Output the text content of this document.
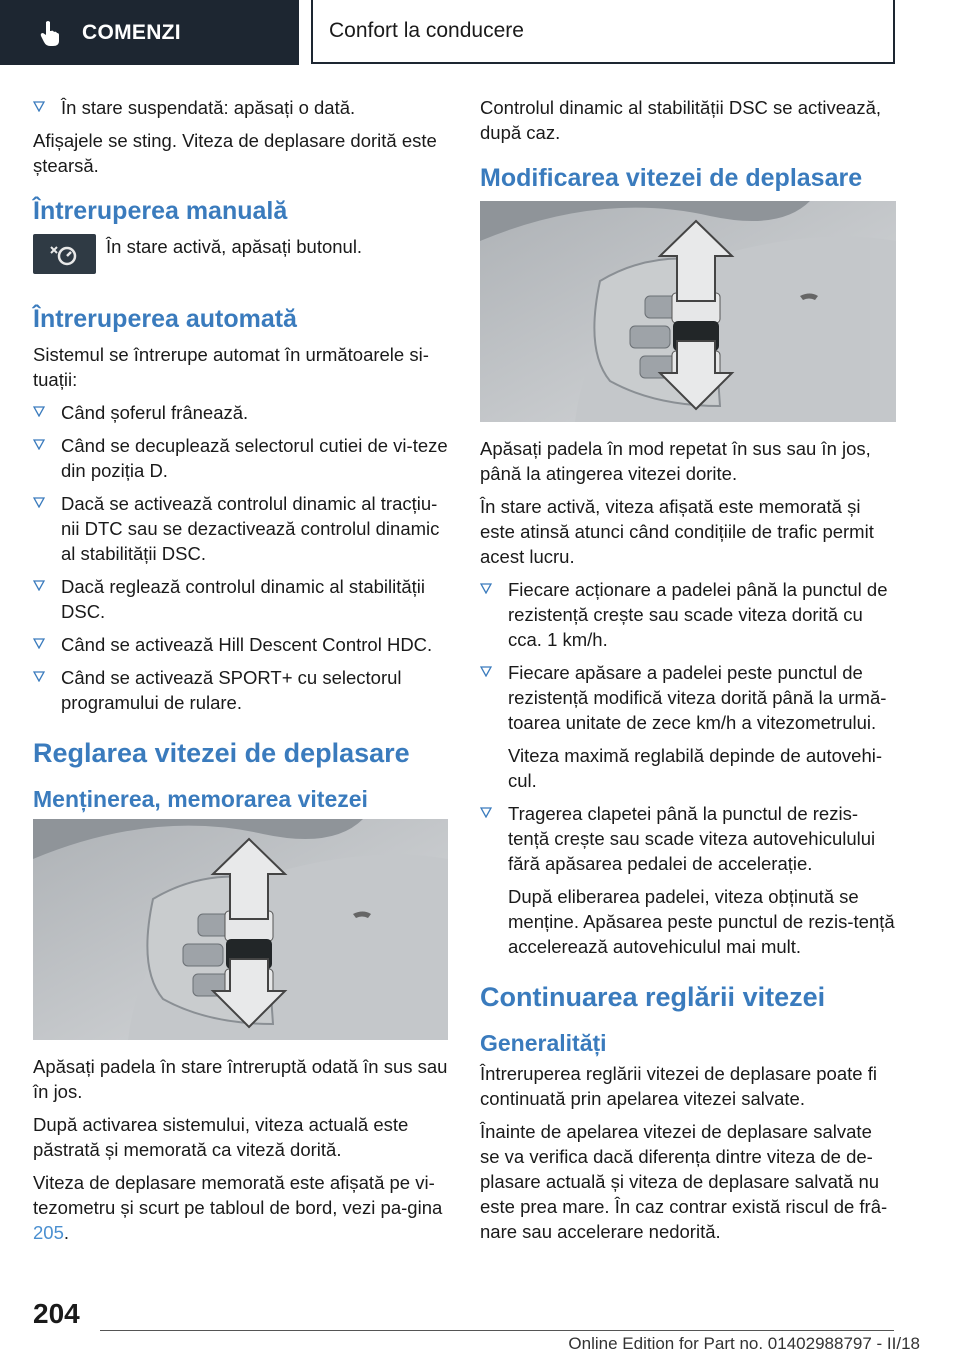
COMENZI	Confort la conducere
În stare suspendată: apăsați o dată.

Afișajele se sting. Viteza de deplasare dorită este ștearsă.

Întreruperea manuală
În stare activă, apăsați butonul.
Întreruperea automată

Sistemul se întrerupe automat în următoarele si-tuații:

Când șoferul frânează.
Când se decuplează selectorul cutiei de vi-teze din poziția D.
Dacă se activează controlul dinamic al tracțiu-nii DTC sau se dezactivează controlul dinamic al stabilității DSC.
Dacă reglează controlul dinamic al stabilității DSC.
Când se activează Hill Descent Control HDC.
Când se activează SPORT+ cu selectorul programului de rulare.
Reglarea vitezei de deplasare
Menținerea, memorarea vitezei

Apăsați padela în stare întreruptă odată în sus sau în jos.

După activarea sistemului, viteza actuală este păstrată și memorată ca viteză dorită.

Viteza de deplasare memorată este afișată pe vi-tezometru și scurt pe tabloul de bord, vezi pa-gina 205.

Controlul dinamic al stabilității DSC se activează, după caz.

Modificarea vitezei de deplasare

Apăsați padela în mod repetat în sus sau în jos, până la atingerea vitezei dorite.

În stare activă, viteza afișată este memorată și este atinsă atunci când condițiile de trafic permit acest lucru.

Fiecare acționare a padelei până la punctul de rezistență crește sau scade viteza dorită cu cca. 1 km/h.
Fiecare apăsare a padelei peste punctul de rezistență modifică viteza dorită până la urmă-toarea unitate de zece km/h a vitezometrului.

Viteza maximă reglabilă depinde de autovehi-cul.

Tragerea clapetei până la punctul de rezis-tență crește sau scade viteza autovehiculului fără apăsarea pedalei de accelerație.

După eliberarea padelei, viteza obținută se menține. Apăsarea peste punctul de rezis-tență accelerează autovehiculul mai mult.

Continuarea reglării vitezei
Generalități

Întreruperea reglării vitezei de deplasare poate fi continuată prin apelarea vitezei salvate.

Înainte de apelarea vitezei de deplasare salvate se va verifica dacă diferența dintre viteza de de-plasare actuală și viteza de deplasare salvată nu este prea mare. În caz contrar există riscul de frâ-nare sau accelerare nedorită.

204
Online Edition for Part no. 01402988797 - II/18
